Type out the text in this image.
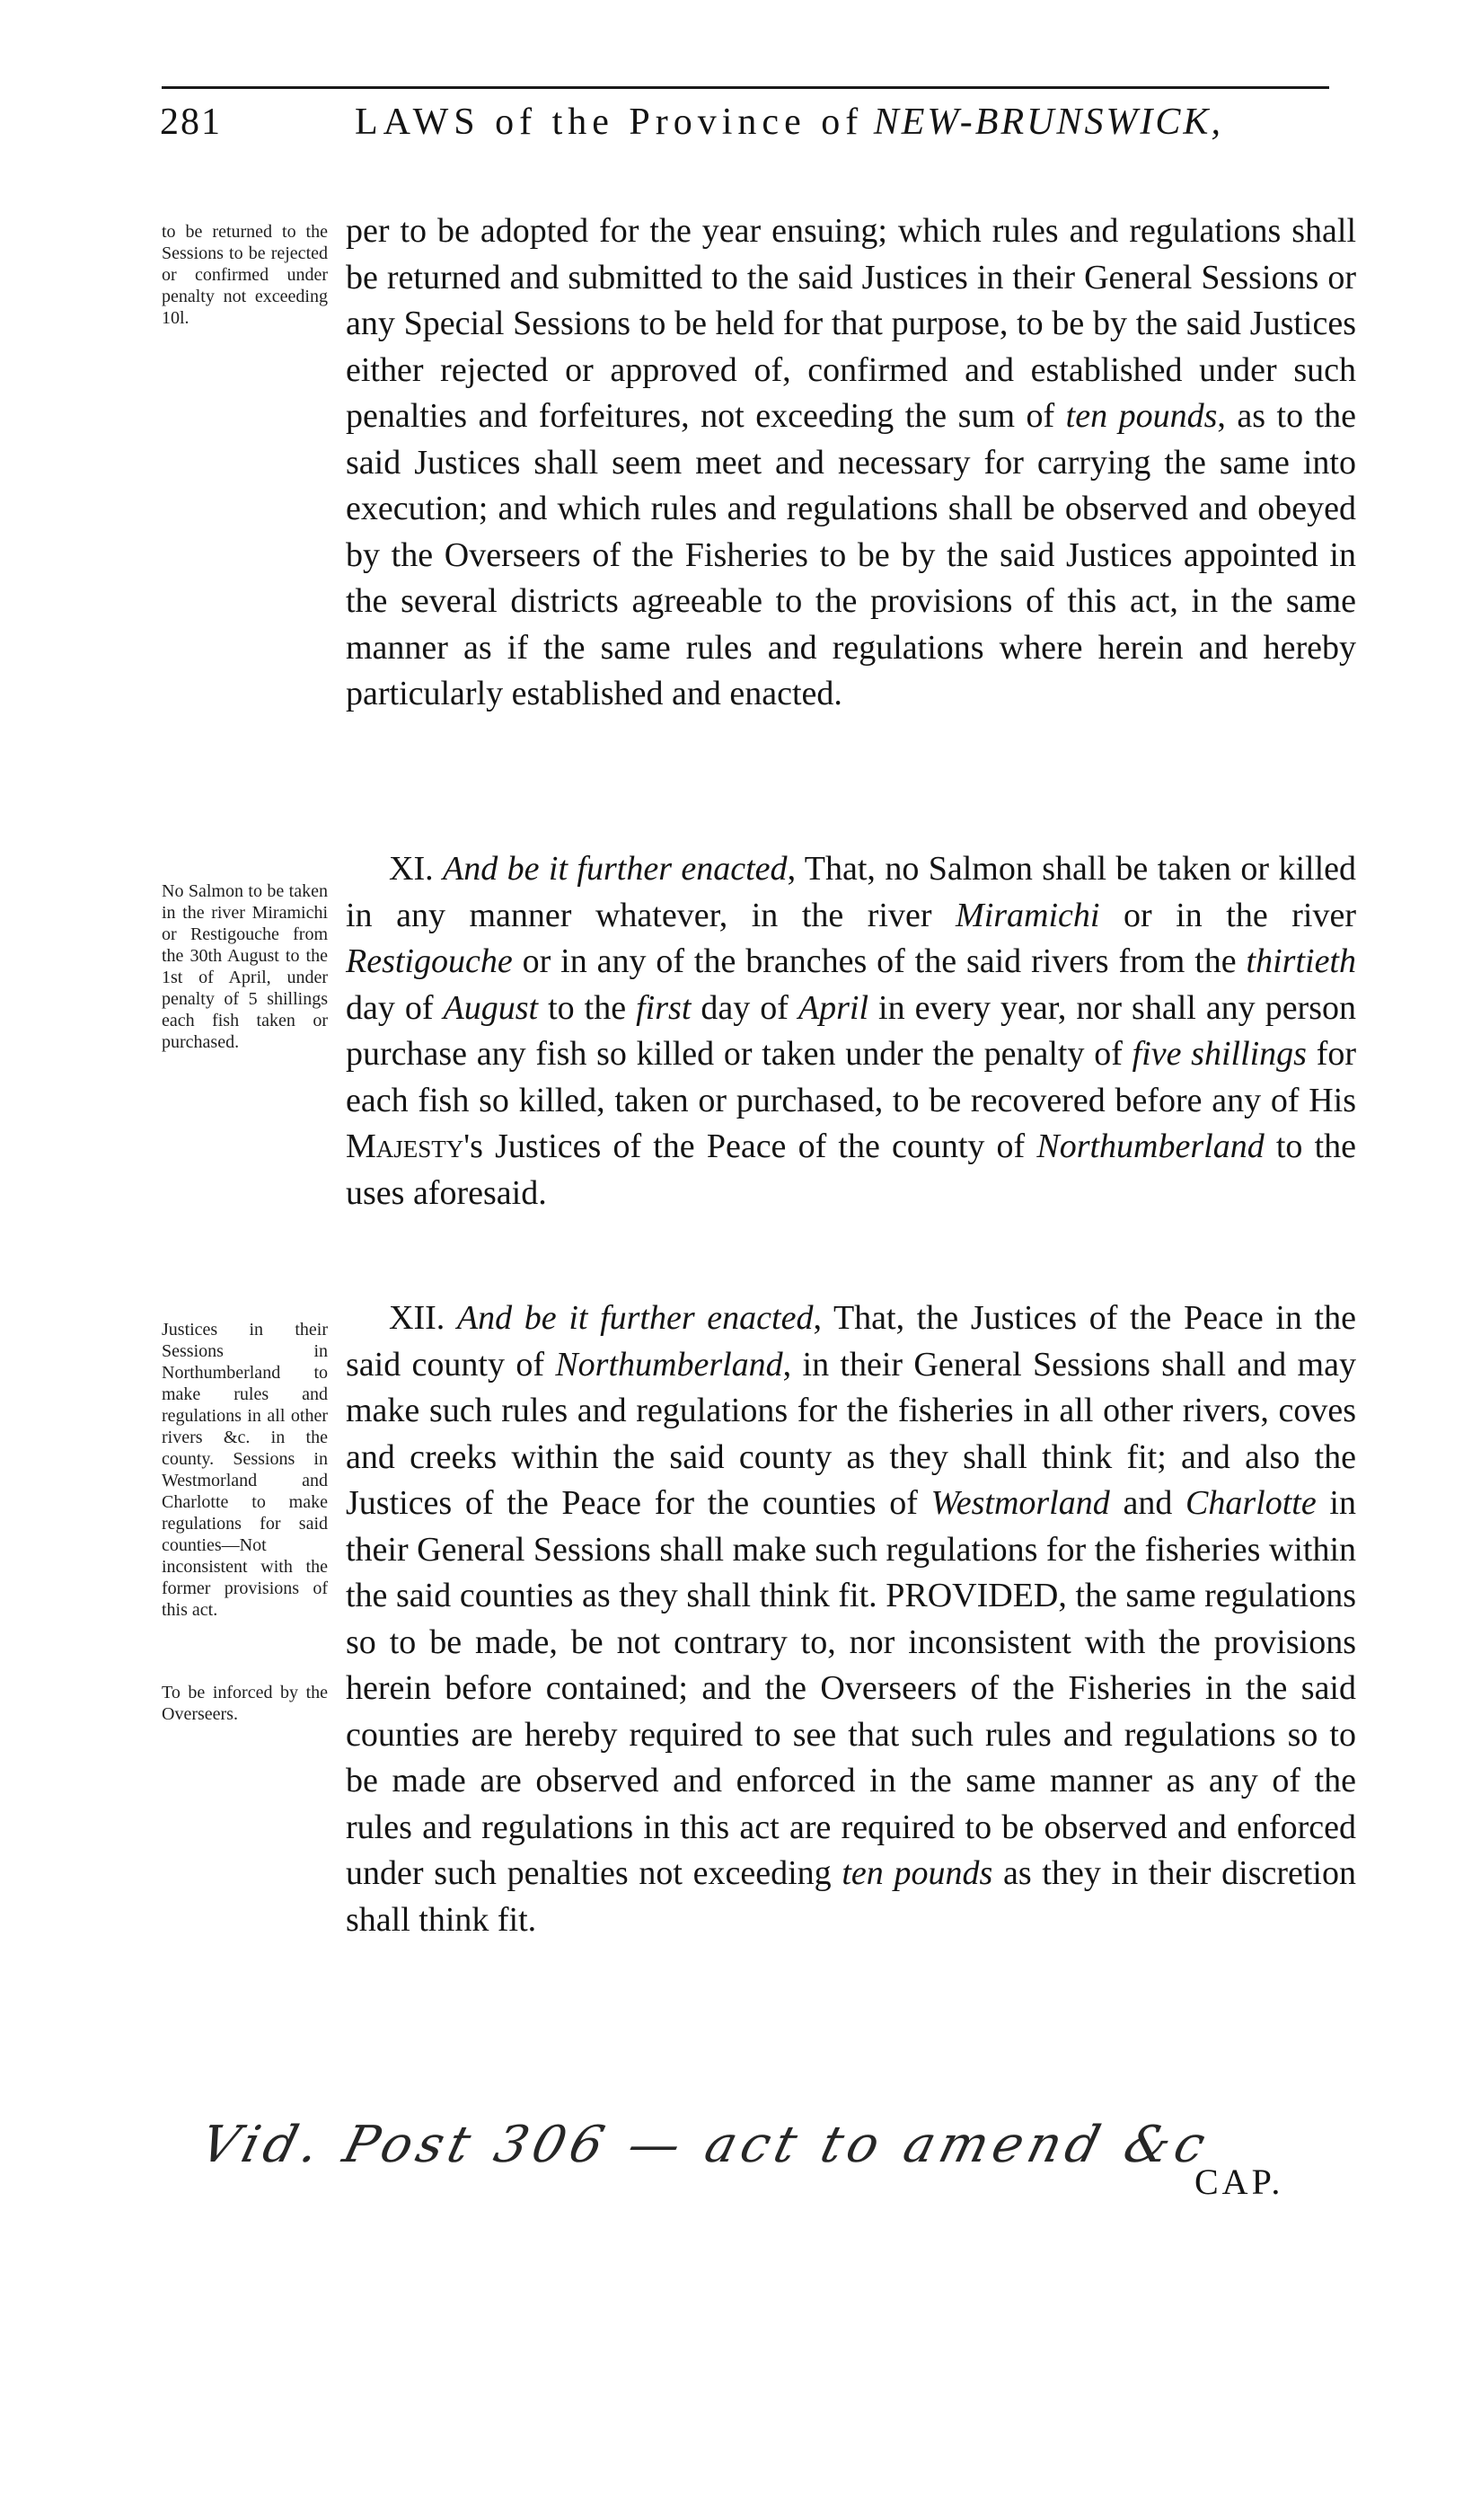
281	LAWS of the Province of NEW-BRUNSWICK,
to be returned to the Sessions to be rejected or confirmed under penalty not exceeding 10l.
No Salmon to be taken in the river Miramichi or Restigouche from the 30th August to the 1st of April, under penalty of 5 shillings each fish taken or purchased.
Justices in their Sessions in Northumberland to make rules and regulations in all other rivers &c. in the county. Sessions in Westmorland and Charlotte to make regulations for said counties—Not inconsistent with the former provisions of this act.
To be inforced by the Overseers.

per to be adopted for the year ensuing; which rules and regulations shall be returned and submitted to the said Justices in their General Sessions or any Special Sessions to be held for that purpose, to be by the said Justices either rejected or approved of, confirmed and established under such penalties and forfeitures, not exceeding the sum of ten pounds, as to the said Justices shall seem meet and necessary for carrying the same into execution; and which rules and regulations shall be observed and obeyed by the Overseers of the Fisheries to be by the said Justices appointed in the several districts agreeable to the provisions of this act, in the same manner as if the same rules and regulations where herein and hereby particularly established and enacted.

XI. And be it further enacted, That, no Salmon shall be taken or killed in any manner whatever, in the river Miramichi or in the river Restigouche or in any of the branches of the said rivers from the thirtieth day of August to the first day of April in every year, nor shall any person purchase any fish so killed or taken under the penalty of five shillings for each fish so killed, taken or purchased, to be recovered before any of His Majesty's Justices of the Peace of the county of Northumberland to the uses aforesaid.

XII. And be it further enacted, That, the Justices of the Peace in the said county of Northumberland, in their General Sessions shall and may make such rules and regulations for the fisheries in all other rivers, coves and creeks within the said county as they shall think fit; and also the Justices of the Peace for the counties of Westmorland and Charlotte in their General Sessions shall make such regulations for the fisheries within the said counties as they shall think fit. PROVIDED, the same regulations so to be made, be not contrary to, nor inconsistent with the provisions herein before contained; and the Overseers of the Fisheries in the said counties are hereby required to see that such rules and regulations so to be made are observed and enforced in the same manner as any of the rules and regulations in this act are required to be observed and enforced under such penalties not exceeding ten pounds as they in their discretion shall think fit.

Vid. Post 306 — act to amend &c
CAP.
